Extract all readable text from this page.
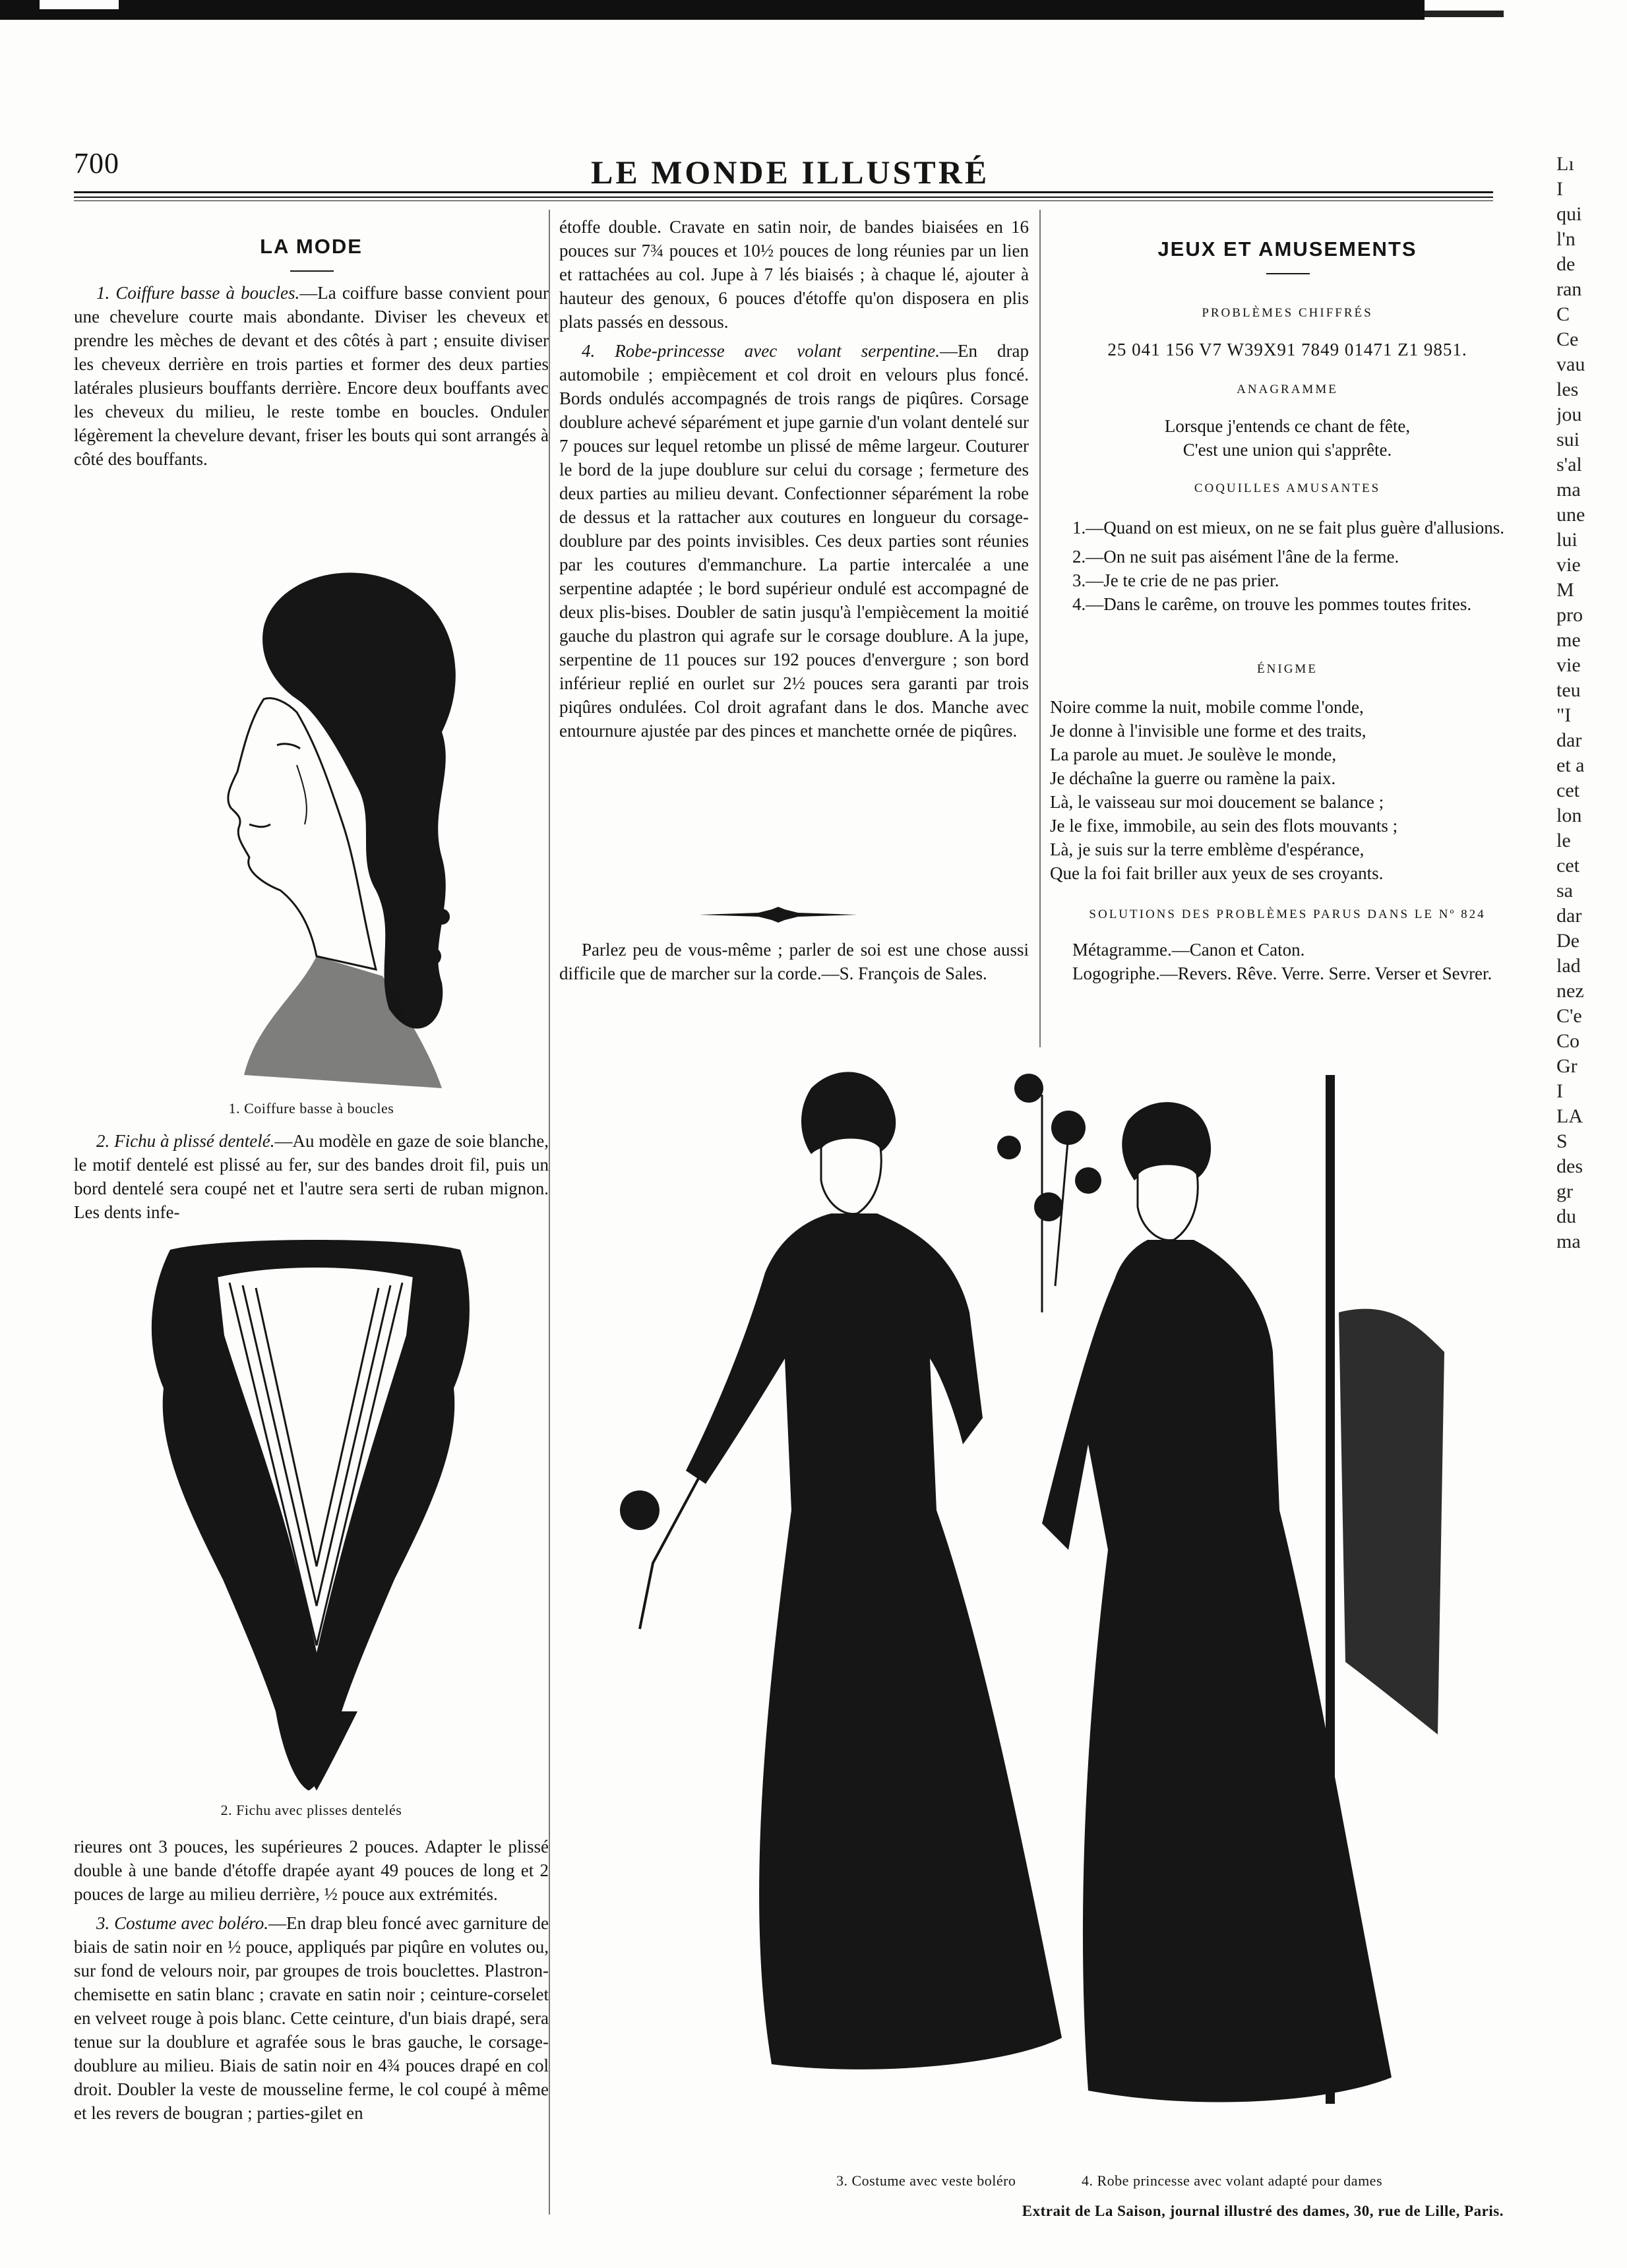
700	LE MONDE ILLUSTRÉ
LA MODE

1. Coiffure basse à boucles.—La coiffure basse convient pour une chevelure courte mais abondante. Diviser les cheveux et prendre les mèches de devant et des côtés à part ; ensuite diviser les cheveux derrière en trois parties et former des deux parties latérales plusieurs bouffants derrière. Encore deux bouffants avec les cheveux du milieu, le reste tombe en boucles. Onduler légèrement la chevelure devant, friser les bouts qui sont arrangés à côté des bouffants.

1. Coiffure basse à boucles

2. Fichu à plissé dentelé.—Au modèle en gaze de soie blanche, le motif dentelé est plissé au fer, sur des bandes droit fil, puis un bord dentelé sera coupé net et l'autre sera serti de ruban mignon. Les dents infe-

2. Fichu avec plisses dentelés

rieures ont 3 pouces, les supérieures 2 pouces. Adapter le plissé double à une bande d'étoffe drapée ayant 49 pouces de long et 2 pouces de large au milieu derrière, ½ pouce aux extrémités.

3. Costume avec boléro.—En drap bleu foncé avec garniture de biais de satin noir en ½ pouce, appliqués par piqûre en volutes ou, sur fond de velours noir, par groupes de trois bouclettes. Plastron-chemisette en satin blanc ; cravate en satin noir ; ceinture-corselet en velveet rouge à pois blanc. Cette ceinture, d'un biais drapé, sera tenue sur la doublure et agrafée sous le bras gauche, le corsage-doublure au milieu. Biais de satin noir en 4¾ pouces drapé en col droit. Doubler la veste de mousseline ferme, le col coupé à même et les revers de bougran ; parties-gilet en

étoffe double. Cravate en satin noir, de bandes biaisées en 16 pouces sur 7¾ pouces et 10½ pouces de long réunies par un lien et rattachées au col. Jupe à 7 lés biaisés ; à chaque lé, ajouter à hauteur des genoux, 6 pouces d'étoffe qu'on disposera en plis plats passés en dessous.

4. Robe-princesse avec volant serpentine.—En drap automobile ; empiècement et col droit en velours plus foncé. Bords ondulés accompagnés de trois rangs de piqûres. Corsage doublure achevé séparément et jupe garnie d'un volant dentelé sur 7 pouces sur lequel retombe un plissé de même largeur. Couturer le bord de la jupe doublure sur celui du corsage ; fermeture des deux parties au milieu devant. Confectionner séparément la robe de dessus et la rattacher aux coutures en longueur du corsage-doublure par des points invisibles. Ces deux parties sont réunies par les coutures d'emmanchure. La partie intercalée a une serpentine adaptée ; le bord supérieur ondulé est accompagné de deux plis-bises. Doubler de satin jusqu'à l'empiècement la moitié gauche du plastron qui agrafe sur le corsage doublure. A la jupe, serpentine de 11 pouces sur 192 pouces d'envergure ; son bord inférieur replié en ourlet sur 2½ pouces sera garanti par trois piqûres ondulées. Col droit agrafant dans le dos. Manche avec entournure ajustée par des pinces et manchette ornée de piqûres.

Parlez peu de vous-même ; parler de soi est une chose aussi difficile que de marcher sur la corde.—S. François de Sales.

JEUX ET AMUSEMENTS
PROBLÈMES CHIFFRÉS
25 041 156 V7 W39X91 7849 01471 Z1 9851.
ANAGRAMME
Lorsque j'entends ce chant de fête,
C'est une union qui s'apprête.
COQUILLES AMUSANTES

1.—Quand on est mieux, on ne se fait plus guère d'allusions.

2.—On ne suit pas aisément l'âne de la ferme.

3.—Je te crie de ne pas prier.

4.—Dans le carême, on trouve les pommes toutes frites.

ÉNIGME
Noire comme la nuit, mobile comme l'onde,
Je donne à l'invisible une forme et des traits,
La parole au muet. Je soulève le monde,
Je déchaîne la guerre ou ramène la paix.
Là, le vaisseau sur moi doucement se balance ;
Je le fixe, immobile, au sein des flots mouvants ;
Là, je suis sur la terre emblème d'espérance,
Que la foi fait briller aux yeux de ses croyants.
SOLUTIONS DES PROBLÈMES PARUS DANS LE Nº 824

Métagramme.—Canon et Caton.

Logogriphe.—Revers. Rêve. Verre. Serre. Verser et Sevrer.

3. Costume avec veste boléro	4. Robe princesse avec volant adapté pour dames
Extrait de La Saison, journal illustré des dames, 30, rue de Lille, Paris.
Lı
I
qui
l'n
de
ran
C
Ce
vau
les
jou
sui
s'al
ma
une
lui
vie
M
pro
me
vie
teu
"I
dar
et a
cet
lon
le
cet
sa
dar
De
lad
nez
C'e
Co
Gr
I
LA
S
des
gr
du
ma
